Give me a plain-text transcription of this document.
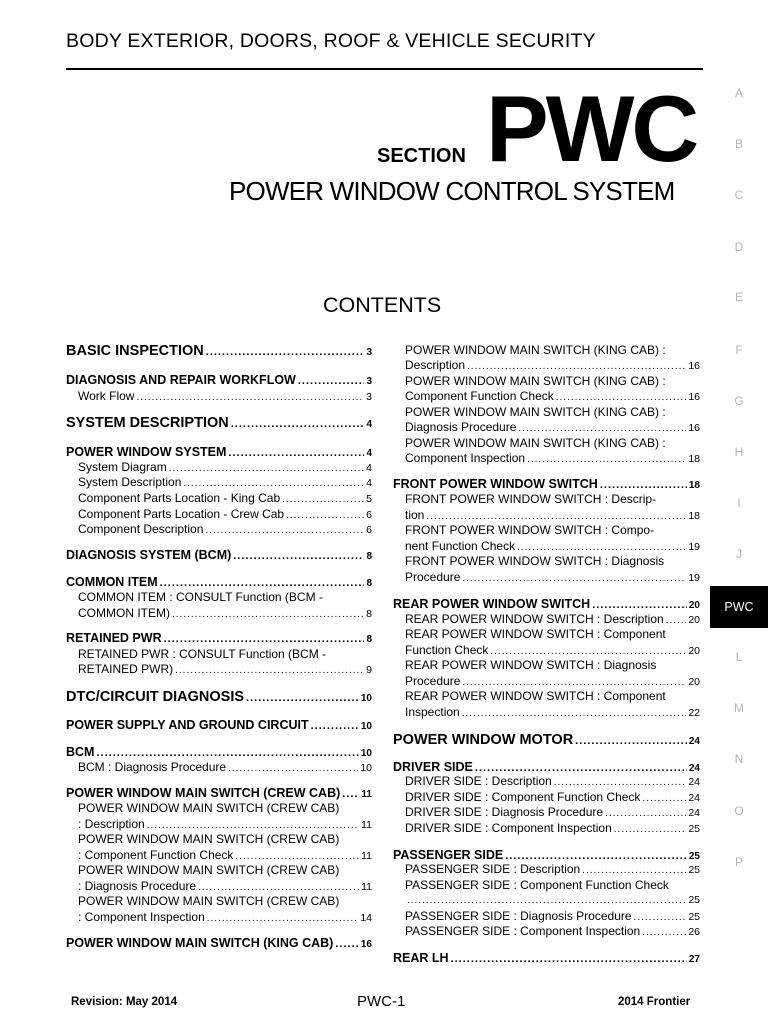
BODY EXTERIOR, DOORS, ROOF & VEHICLE SECURITY
SECTION PWC
POWER WINDOW CONTROL SYSTEM
CONTENTS
A
B
C
D
E
F
G
H
I
J
PWC
L
M
N
O
P
BASIC INSPECTION .....	3
DIAGNOSIS AND REPAIR WORKFLOW .....	3
Work Flow .....	3
SYSTEM DESCRIPTION .....	4
POWER WINDOW SYSTEM .....	4
System Diagram .....	4
System Description .....	4
Component Parts Location - King Cab .....	5
Component Parts Location - Crew Cab .....	6
Component Description .....	6
DIAGNOSIS SYSTEM (BCM) .....	8
COMMON ITEM .....	8
COMMON ITEM : CONSULT Function (BCM -
COMMON ITEM) .....	8
RETAINED PWR .....	8
RETAINED PWR : CONSULT Function (BCM -
RETAINED PWR) .....	9
DTC/CIRCUIT DIAGNOSIS .....	10
POWER SUPPLY AND GROUND CIRCUIT .....	10
BCM .....	10
BCM : Diagnosis Procedure .....	10
POWER WINDOW MAIN SWITCH (CREW CAB) ..... 11
POWER WINDOW MAIN SWITCH (CREW CAB)
: Description .....	11
POWER WINDOW MAIN SWITCH (CREW CAB)
: Component Function Check .....	11
POWER WINDOW MAIN SWITCH (CREW CAB)
: Diagnosis Procedure .....	11
POWER WINDOW MAIN SWITCH (CREW CAB)
: Component Inspection .....	14
POWER WINDOW MAIN SWITCH (KING CAB) .....	16
POWER WINDOW MAIN SWITCH (KING CAB) :
Description .....	16
POWER WINDOW MAIN SWITCH (KING CAB) :
Component Function Check .....	16
POWER WINDOW MAIN SWITCH (KING CAB) :
Diagnosis Procedure .....	16
POWER WINDOW MAIN SWITCH (KING CAB) :
Component Inspection .....	18
FRONT POWER WINDOW SWITCH .....	18
FRONT POWER WINDOW SWITCH : Descrip-
tion .....	18
FRONT POWER WINDOW SWITCH : Compo-
nent Function Check .....	19
FRONT POWER WINDOW SWITCH : Diagnosis
Procedure .....	19
REAR POWER WINDOW SWITCH .....	20
REAR POWER WINDOW SWITCH : Description ..... 20
REAR POWER WINDOW SWITCH : Component
Function Check .....	20
REAR POWER WINDOW SWITCH : Diagnosis
Procedure .....	20
REAR POWER WINDOW SWITCH : Component
Inspection .....	22
POWER WINDOW MOTOR .....	24
DRIVER SIDE .....	24
DRIVER SIDE : Description .....	24
DRIVER SIDE : Component Function Check .....	24
DRIVER SIDE : Diagnosis Procedure .....	24
DRIVER SIDE : Component Inspection .....	25
PASSENGER SIDE .....	25
PASSENGER SIDE : Description .....	25
PASSENGER SIDE : Component Function Check
.....
25
PASSENGER SIDE : Diagnosis Procedure .....	25
PASSENGER SIDE : Component Inspection .....	26
REAR LH .....	27
Revision: May 2014	PWC-1	2014 Frontier
